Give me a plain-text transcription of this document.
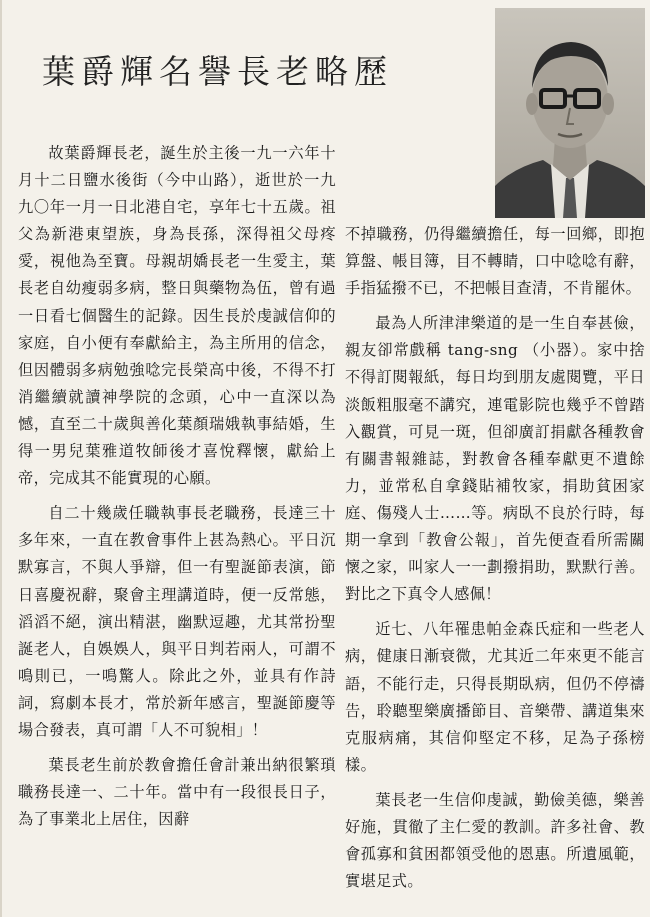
葉爵輝名譽長老略歷

故葉爵輝長老，誕生於主後一九一六年十月十二日鹽水後街（今中山路），逝世於一九九〇年一月一日北港自宅，享年七十五歲。祖父為新港東望族，身為長孫，深得祖父母疼愛，視他為至寶。母親胡嬌長老一生愛主，葉長老自幼瘦弱多病，整日與藥物為伍，曾有過一日看七個醫生的記錄。因生長於虔誠信仰的家庭，自小便有奉獻給主，為主所用的信念，但因體弱多病勉強唸完長榮高中後，不得不打消繼續就讀神學院的念頭，心中一直深以為憾，直至二十歲與善化葉顏瑞娥執事結婚，生得一男兒葉雅道牧師後才喜悅釋懷，獻給上帝，完成其不能實現的心願。

自二十幾歲任職執事長老職務，長達三十多年來，一直在教會事件上甚為熱心。平日沉默寡言，不與人爭辯，但一有聖誕節表演，節日喜慶祝辭，聚會主理講道時，便一反常態，滔滔不絕，演出精湛，幽默逗趣，尤其常扮聖誕老人，自娛娛人，與平日判若兩人，可謂不鳴則已，一鳴驚人。除此之外，並具有作詩詞，寫劇本長才，常於新年感言，聖誕節慶等場合發表，真可謂「人不可貌相」！

葉長老生前於教會擔任會計兼出納很繁瑣職務長達一、二十年。當中有一段很長日子，為了事業北上居住，因辭

不掉職務，仍得繼續擔任，每一回鄉，即抱算盤、帳目簿，目不轉睛，口中唸唸有辭，手指猛撥不已，不把帳目查清，不肯罷休。

最為人所津津樂道的是一生自奉甚儉，親友卻常戲稱 tang-sng （小器）。家中捨不得訂閱報紙，每日均到朋友處閱覽，平日淡飯粗服毫不講究，連電影院也幾乎不曾踏入觀賞，可見一斑，但卻廣訂捐獻各種教會有關書報雜誌，對教會各種奉獻更不遺餘力，並常私自拿錢貼補牧家，捐助貧困家庭、傷殘人士……等。病臥不良於行時，每期一拿到「教會公報」，首先便查看所需關懷之家，叫家人一一劃撥捐助，默默行善。對比之下真令人感佩！

近七、八年罹患帕金森氏症和一些老人病，健康日漸衰微，尤其近二年來更不能言語，不能行走，只得長期臥病，但仍不停禱告，聆聽聖樂廣播節目、音樂帶、講道集來克服病痛，其信仰堅定不移，足為子孫榜樣。

葉長老一生信仰虔誠，勤儉美德，樂善好施，貫徹了主仁愛的教訓。許多社會、教會孤寡和貧困都領受他的恩惠。所遺風範，實堪足式。
